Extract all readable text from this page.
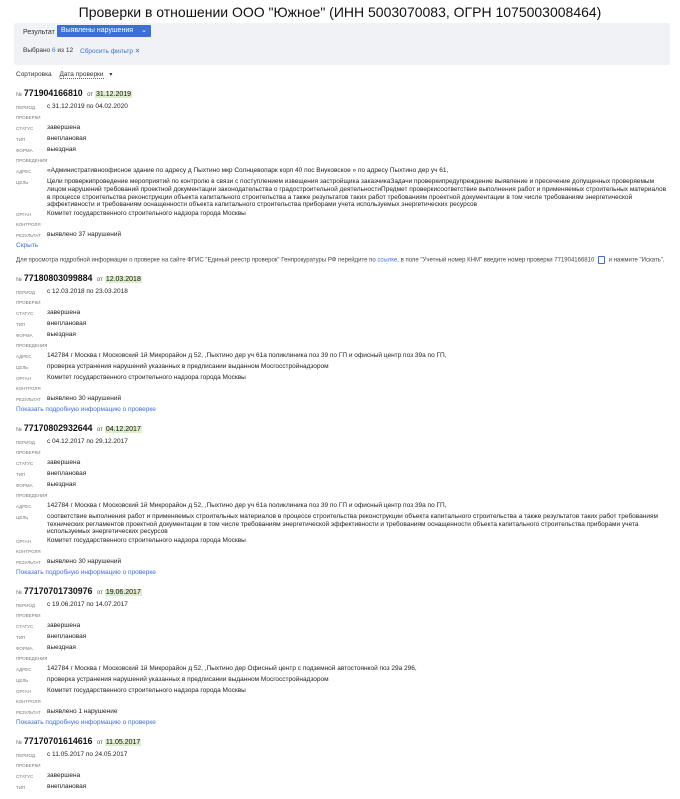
Проверки в отношении ООО "Южное" (ИНН 5003070083, ОГРН 1075003008464)
Результат Выявлены нарушения ⌄
Выбрано 6 из 12 Сбросить фильтр ✕
Сортировка Дата проверки ▾
№ 771904166810 от 31.12.2019
ПЕРИОД ПРОВЕРКИ
с 31.12.2019 по 04.02.2020
СТАТУС	завершена
ТИП	внеплановая
ФОРМА ПРОВЕДЕНИЯ
выездная
АДРЕС	«Административноофисное здание по адресу д Пыхтино мкр Солнцевопарк корп 40 пос Внуковское » по адресу Пыхтино дер уч 61,
ЦЕЛЬ	Цели проверкипроведение мероприятий по контролю в связи с поступлением извещения застройщика заказчикаЗадачи проверкипредупреждение выявление и пресечение допущенных проверяемым лицом нарушений требований проектной документации законодательства о градостроительной деятельностиПредмет проверкисоответствие выполнения работ и применяемых строительных материалов в процессе строительства реконструкции объекта капитального строительства а также результатов таких работ требованиям проектной документации в том числе требованиям энергетической эффективности и требованиям оснащенности объекта капитального строительства приборами учета используемых энергетических ресурсов
ОРГАН КОНТРОЛЯ
Комитет государственного строительного надзора города Москвы
РЕЗУЛЬТАТ выявлено 37 нарушений
Скрыть
Для просмотра подробной информации о проверке на сайте ФГИС "Единый реестр проверок" Генпрокуратуры РФ перейдите по ссылке, в поле "Учетный номер КНМ" введите номер проверки 771904166810 и нажмите "Искать".
№ 77180803099884 от 12.03.2018
ПЕРИОД ПРОВЕРКИ
с 12.03.2018 по 23.03.2018
СТАТУС	завершена
ТИП	внеплановая
ФОРМА ПРОВЕДЕНИЯ
выездная
АДРЕС	142784 г Москва г Московский 1й Микрорайон д 52, ,Пыхтино дер уч 61а поликлиника поз 39 по ГП и офисный центр поз 39а по ГП,
ЦЕЛЬ	проверка устранения нарушений указанных в предписании выданном Мосгосстройнадзором
ОРГАН КОНТРОЛЯ
Комитет государственного строительного надзора города Москвы
РЕЗУЛЬТАТ выявлено 30 нарушений
Показать подробную информацию о проверке
№ 77170802932644 от 04.12.2017
ПЕРИОД ПРОВЕРКИ
с 04.12.2017 по 29.12.2017
СТАТУС	завершена
ТИП	внеплановая
ФОРМА ПРОВЕДЕНИЯ
выездная
АДРЕС	142784 г Москва г Московский 1й Микрорайон д 52, ,Пыхтино дер уч 61а поликлиника поз 39 по ГП и офисный центр поз 39а по ГП,
ЦЕЛЬ	соответствие выполнения работ и применяемых строительных материалов в процессе строительства реконструкции объекта капитального строительства а также результатов таких работ требованиям технических регламентов проектной документации в том числе требованиям энергетической эффективности и требованиям оснащенности объекта капитального строительства приборами учета используемых энергетических ресурсов
ОРГАН КОНТРОЛЯ
Комитет государственного строительного надзора города Москвы
РЕЗУЛЬТАТ выявлено 30 нарушений
Показать подробную информацию о проверке
№ 77170701730976 от 19.06.2017
ПЕРИОД ПРОВЕРКИ
с 19.06.2017 по 14.07.2017
СТАТУС	завершена
ТИП	внеплановая
ФОРМА ПРОВЕДЕНИЯ
выездная
АДРЕС	142784 г Москва г Московский 1й Микрорайон д 52, ,Пыхтино дер Офисный центр с подземной автостоянкой поз 29а 296,
ЦЕЛЬ	проверка устранения нарушений указанных в предписании выданном Мосгосстройнадзором
ОРГАН КОНТРОЛЯ
Комитет государственного строительного надзора города Москвы
РЕЗУЛЬТАТ выявлено 1 нарушение
Показать подробную информацию о проверке
№ 77170701614616 от 11.05.2017
ПЕРИОД ПРОВЕРКИ
с 11.05.2017 по 24.05.2017
СТАТУС	завершена
ТИП	внеплановая
